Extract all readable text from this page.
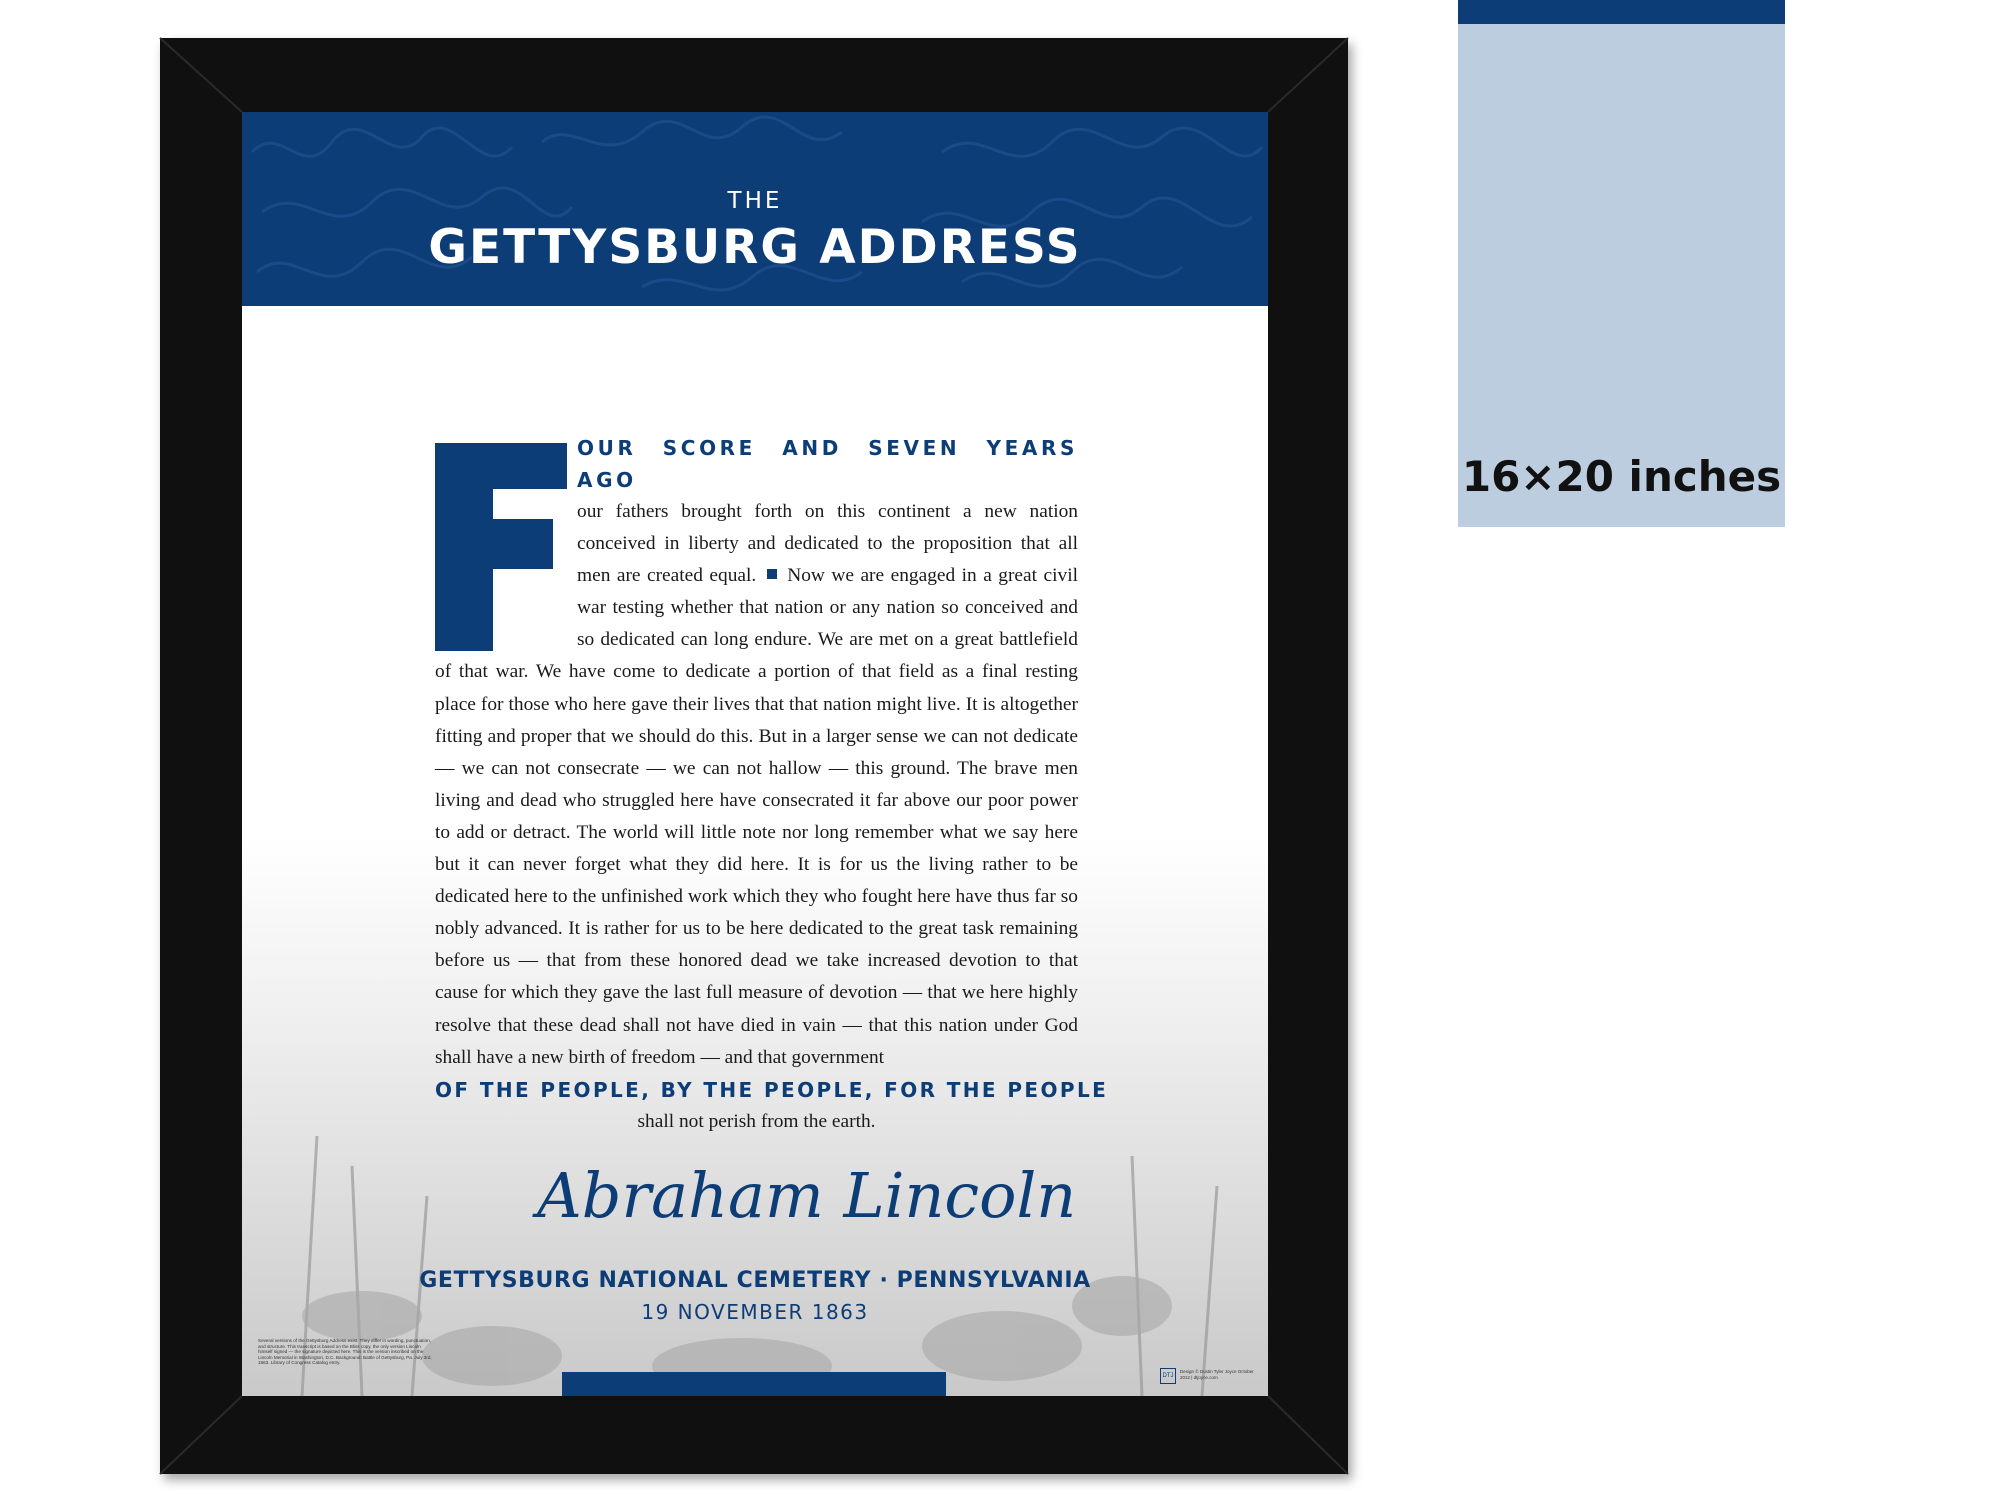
THE
GETTYSBURG ADDRESS
OUR SCORE AND SEVEN YEARS AGO
our fathers brought forth on this continent a new nation conceived in liberty and dedicated to the proposition that all men are created equal. Now we are engaged in a great civil war testing whether that nation or any nation so conceived and so dedicated can long endure. We are met on a great battlefield of that war. We have come to dedicate a portion of that field as a final resting place for those who here gave their lives that that nation might live. It is altogether fitting and proper that we should do this. But in a larger sense we can not dedicate — we can not consecrate — we can not hallow — this ground. The brave men living and dead who struggled here have consecrated it far above our poor power to add or detract. The world will little note nor long remember what we say here but it can never forget what they did here. It is for us the living rather to be dedicated here to the unfinished work which they who fought here have thus far so nobly advanced. It is rather for us to be here dedicated to the great task remaining before us — that from these honored dead we take increased devotion to that cause for which they gave the last full measure of devotion — that we here highly resolve that these dead shall not have died in vain — that this nation under God shall have a new birth of freedom — and that government
OF THE PEOPLE, BY THE PEOPLE, FOR THE PEOPLE
shall not perish from the earth.
Abraham Lincoln
GETTYSBURG NATIONAL CEMETERY · PENNSYLVANIA
19 NOVEMBER 1863
Several versions of the Gettysburg Address exist. They differ in wording, punctuation, and structure. This transcript is based on the Bliss copy, the only version Lincoln himself signed — the signature depicted here. This is the version inscribed on the Lincoln Memorial in Washington, D.C. Background: Battle of Gettysburg, Pa. July 3rd, 1863. Library of Congress Catalog entry.
DTJ
Design © Dustin Tyler Joyce October 2012 | dtjoyce.com
16×20 inches
